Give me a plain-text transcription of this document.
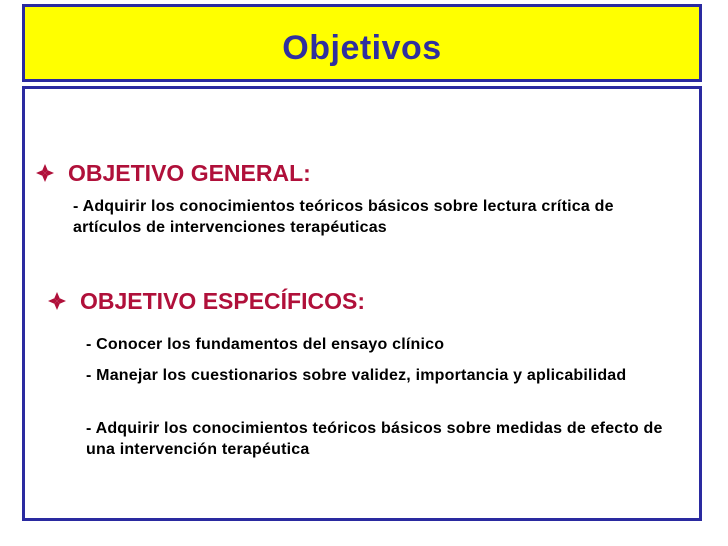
Objetivos
OBJETIVO GENERAL:
- Adquirir los conocimientos teóricos básicos sobre lectura crítica de artículos de intervenciones terapéuticas
OBJETIVO ESPECÍFICOS:
- Conocer los fundamentos del ensayo clínico
- Manejar los cuestionarios sobre validez, importancia y aplicabilidad
- Adquirir los conocimientos teóricos básicos sobre medidas de efecto de una intervención terapéutica
